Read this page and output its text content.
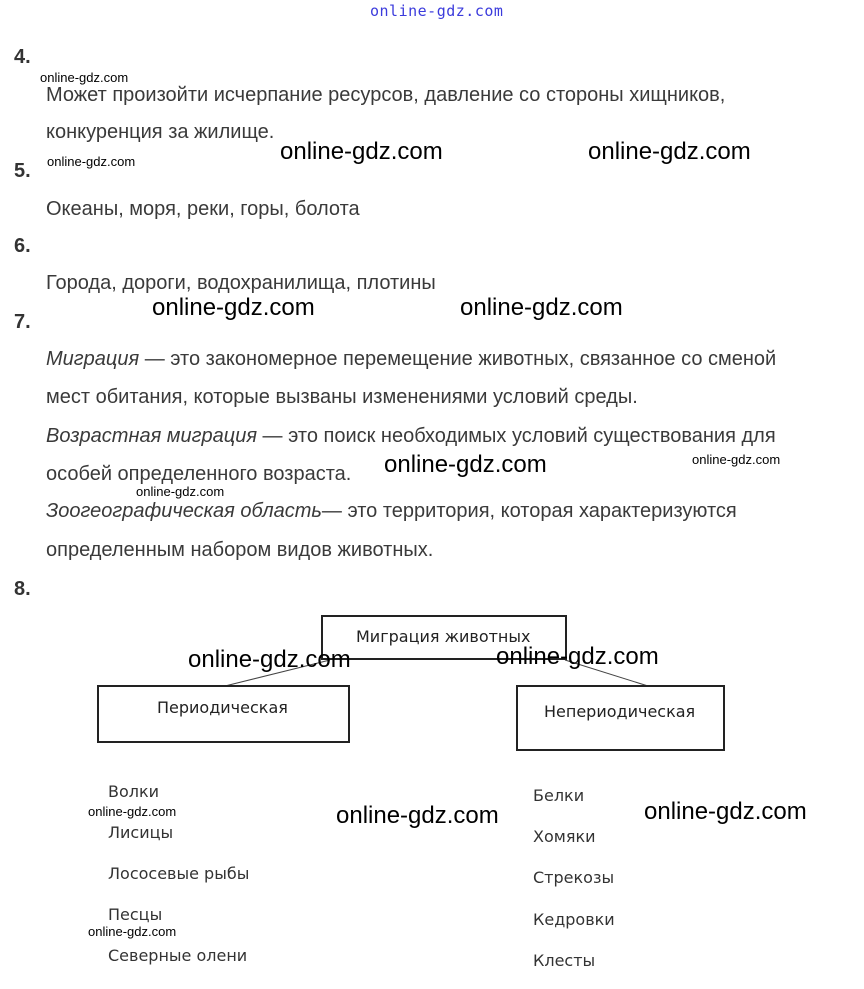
online-gdz.com
4.
Может произойти исчерпание ресурсов, давление со стороны хищников,
конкуренция за жилище.
5.
Океаны, моря, реки, горы, болота
6.
Города, дороги, водохранилища, плотины
7.
Миграция — это закономерное перемещение животных, связанное со сменой
мест обитания, которые вызваны изменениями условий среды.
Возрастная миграция — это поиск необходимых условий существования для
особей определенного возраста.
Зоогеографическая область— это территория, которая характеризуются
определенным набором видов животных.
8.
Миграция животных
Периодическая	Непериодическая
Волки
Лисицы
Лососевые рыбы
Песцы
Северные олени
Белки
Хомяки
Стрекозы
Кедровки
Клесты
online-gdz.com
online-gdz.com	online-gdz.com	online-gdz.com
online-gdz.com	online-gdz.com
online-gdz.com	online-gdz.com
online-gdz.com
online-gdz.com	online-gdz.com
online-gdz.com	online-gdz.com	online-gdz.com
online-gdz.com
